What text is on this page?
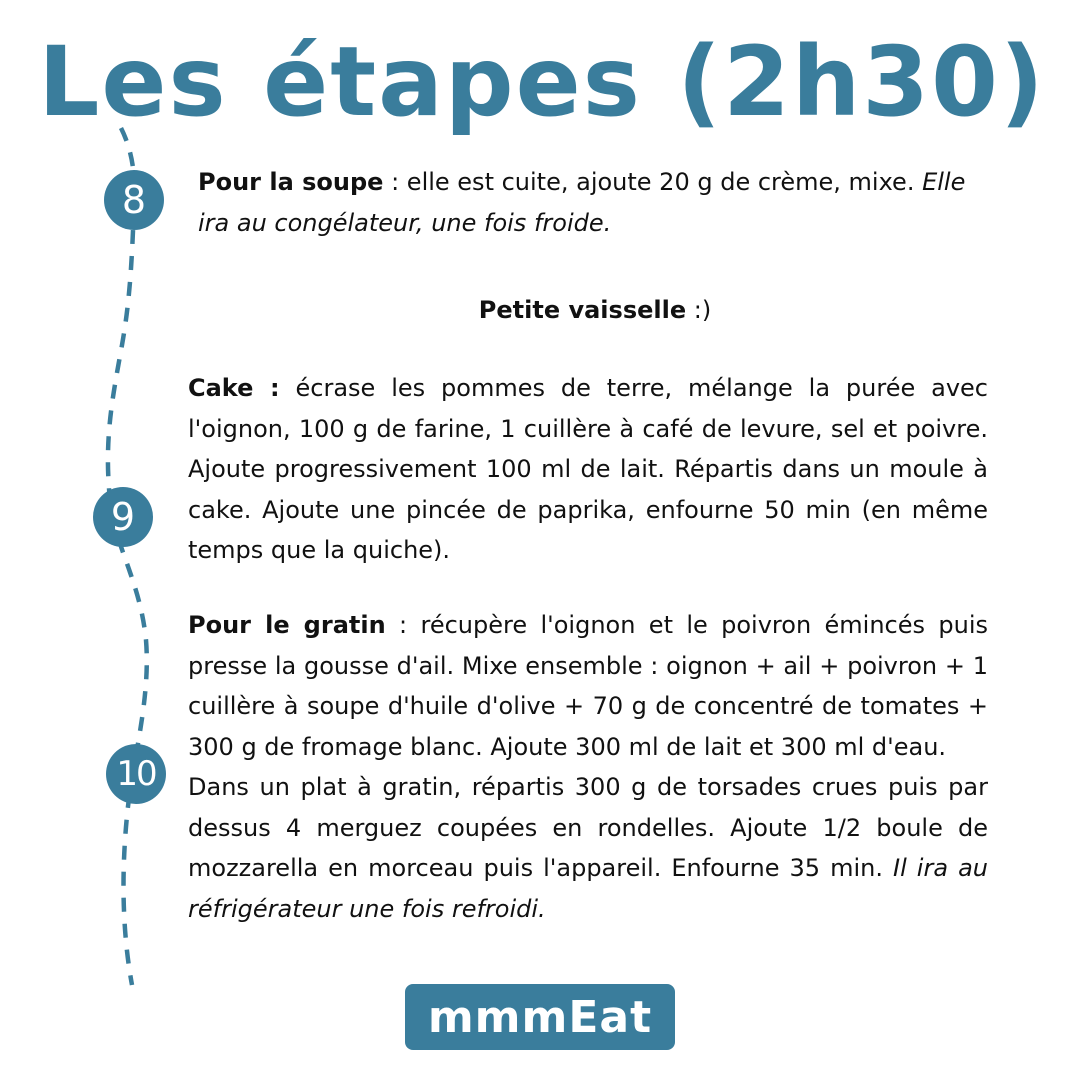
Les étapes (2h30)
8
9
10

Pour la soupe : elle est cuite, ajoute 20 g de crème, mixe. Elle ira au congélateur, une fois froide.

Petite vaisselle :)

Cake : écrase les pommes de terre, mélange la purée avec l'oignon, 100 g de farine, 1 cuillère à café de levure, sel et poivre. Ajoute progressivement 100 ml de lait. Répartis dans un moule à cake. Ajoute une pincée de paprika, enfourne 50 min (en même temps que la quiche).

Pour le gratin : récupère l'oignon et le poivron émincés puis presse la gousse d'ail. Mixe ensemble : oignon + ail + poivron + 1 cuillère à soupe d'huile d'olive + 70 g de concentré de tomates + 300 g de fromage blanc. Ajoute 300 ml de lait et 300 ml d'eau.
Dans un plat à gratin, répartis 300 g de torsades crues puis par dessus 4 merguez coupées en rondelles. Ajoute 1/2 boule de mozzarella en morceau puis l'appareil. Enfourne 35 min. Il ira au réfrigérateur une fois refroidi.

mmmEat
